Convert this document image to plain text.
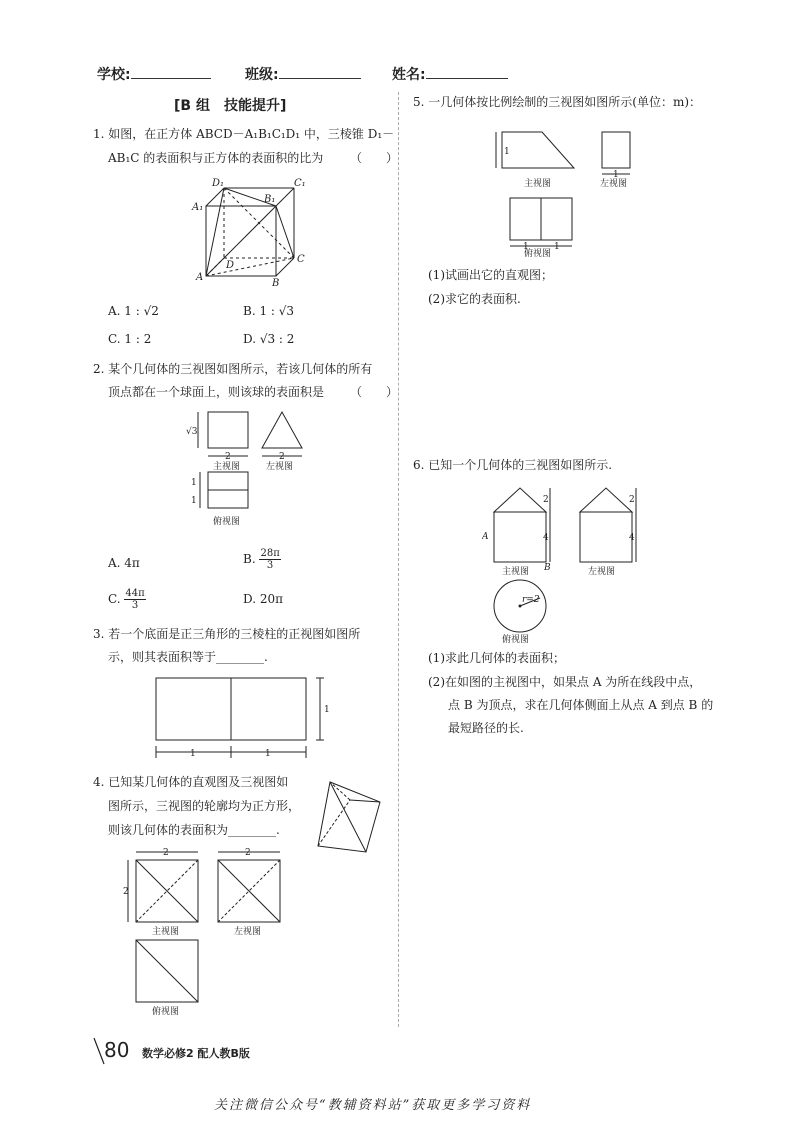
学校:	班级:	姓名:
[B 组　技能提升]
1. 如图，在正方体 ABCD－A₁B₁C₁D₁ 中，三棱锥 D₁－
AB₁C 的表面积与正方体的表面积的比为 （　　）
D₁	C₁
A₁
B₁
D
C
A
B
A. 1 : √2	B. 1 : √3
C. 1 : 2	D. √3 : 2
2. 某个几何体的三视图如图所示，若该几何体的所有
顶点都在一个球面上，则该球的表面积是 （　　）
√3
2	2
1
1
主视图	左视图
俯视图
A. 4π	B. $\frac{28\pi}{3}$
C. $\frac{44\pi}{3}$	D. 20π
3. 若一个底面是正三角形的三棱柱的正视图如图所
示，则其表面积等于________.
1
1	1
4. 已知某几何体的直观图及三视图如
图所示，三视图的轮廓均为正方形，
则该几何体的表面积为________.
2	2
2
主视图	左视图
俯视图
5. 一几何体按比例绘制的三视图如图所示(单位：m)：
1
1
1	1
主视图	左视图
俯视图
(1)试画出它的直观图；
(2)求它的表面积.
6. 已知一个几何体的三视图如图所示.
A
B
2
4
2
4
r=2
主视图	左视图
俯视图
(1)求此几何体的表面积；
(2)在如图的主视图中，如果点 A 为所在线段中点，
点 B 为顶点，求在几何体侧面上从点 A 到点 B 的
最短路径的长.
80 数学必修2 配人教B版
关注微信公众号“教辅资料站”获取更多学习资料
